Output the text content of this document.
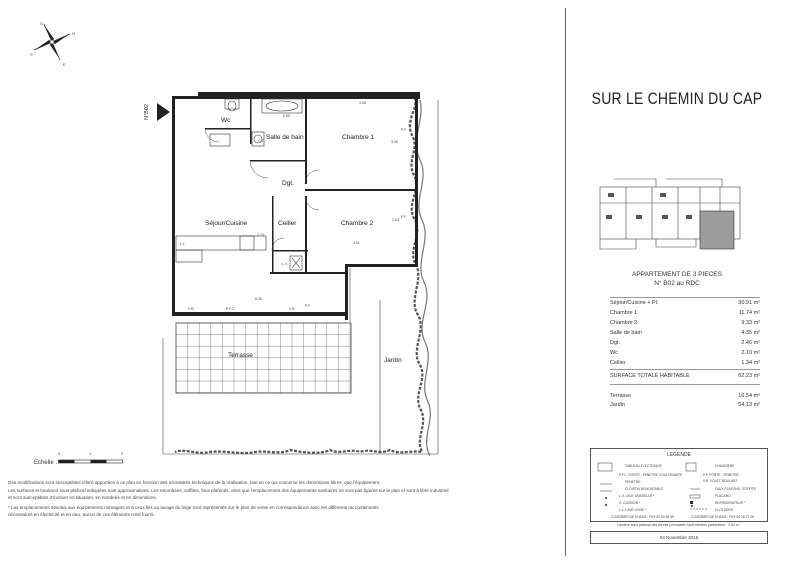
N°B02
Wc
Salle de bain	Chambre 1
Dgt.
Séjour/Cuisine	Cellier	Chambre 2
Terrasse
Jardin
V.R.	P.F.C.	V.R.
P.F.
P.F.
P.F.
L.L.
L.V.
C.E.
3.08
3.08
2.60
3.01
2.73
6.26
2.63
N
S
E
O
Echelle :
0	1	2
Des modifications sont susceptibles d'être apportées à ce plan en fonction des nécessités techniques de la réalisation, tant en ce qui concerne les dimensions libres, que l'équipement.
Les surfaces et hauteurs sous plafond indiquées sont approximatives. Les retombées, soffites, faux plafonds, ainsi que l'emplacement des équipements sanitaires ne sont pas figurés sur le plan et sont à libre industriel
et sont susceptibles d'évoluer en situation, en nombres et en dimensions.
* Les emplacements dévolus aux équipements ménagers et à ceux liés au lavage du linge sont représentés sur le plan de vente en correspondance avec les différents raccordements
nécessaires en électricité et en eau, aucun de ces éléments n'est fourni.
SUR LE CHEMIN DU CAP
APPARTEMENT DE 3 PIECES
N° B02 au RDC
Séjour/Cuisine + Pl.	30.91 m²
Chambre 1	11.74 m²
Chambre 2	9.33 m²
Salle de bain	4.35 m²
Dgt.	2.46 m²
Wc	2.10 m²
Cellier	1.34 m²
SURFACE TOTALE HABITABLE	62.23 m²
Terrasse	16.54 m²
Jardin	54.13 m²
LEGENDE
TABLEAU ELECTRIQUE
P.F.C. PORTE - FENETRE COULISSANTE
FENETRE
CLOISON DEMONTABLE
L.V. LAVE VAISSELLE *
C. CUISSON *
L.L. LAVE LINGE *
CHAUDIERE
P.F. PORTE - FENETRE
V.R. VOLET ROULANT
FAUX PLAFOND, SOFFITE
PLACARD
REFRIGERATEUR *
CLOTURES
COURRIER DE KHAGA · FAX 09 50 59 59	COURRIER DE KHAGA · FAX 06 28 27 28
Hauteur sous plafond des pièces principales sauf mention particulière : 2.50 m
04 Novembre 2016
